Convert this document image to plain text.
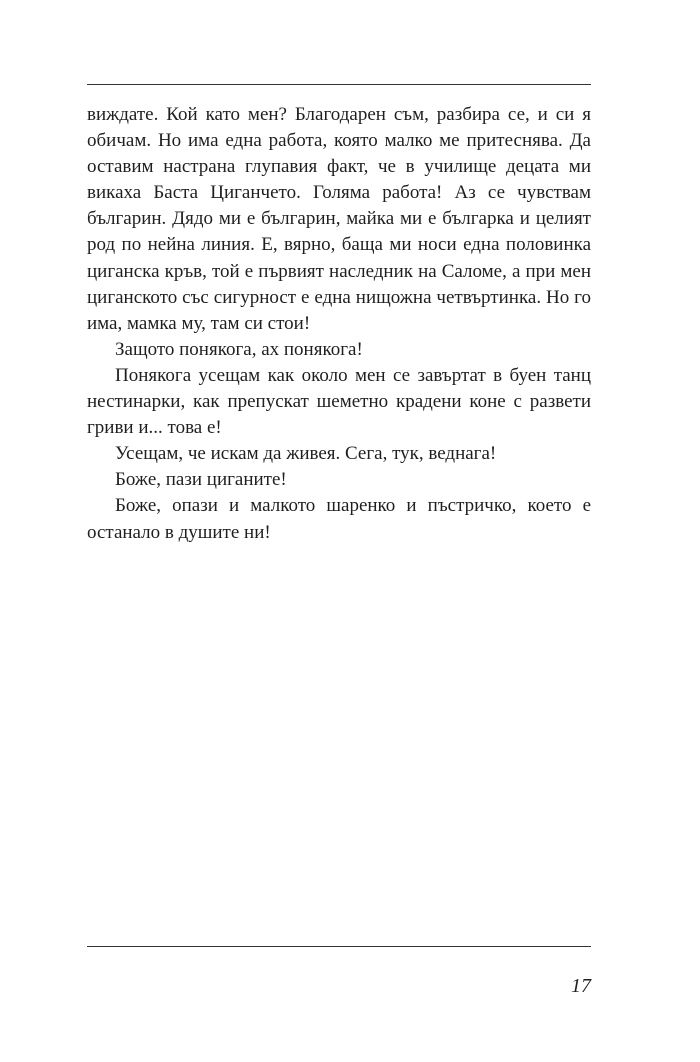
виждате. Кой като мен? Благодарен съм, разбира се, и си я обичам. Но има една работа, която малко ме притеснява. Да оставим настрана глупавия факт, че в училище децата ми викаха Баста Циганчето. Голяма работа! Аз се чувствам българин. Дядо ми е българин, майка ми е българка и целият род по нейна линия. Е, вярно, баща ми носи една половинка циганска кръв, той е първият наследник на Саломе, а при мен циганското със сигурност е една нищожна четвъртинка. Но го има, мамка му, там си стои!

Защото понякога, ах понякога!

Понякога усещам как около мен се завъртат в буен танц нестинарки, как препускат шеметно крадени коне с развети гриви и... това е!

Усещам, че искам да живея. Сега, тук, веднага!

Боже, пази циганите!

Боже, опази и малкото шаренко и пъстричко, което е останало в душите ни!

17
